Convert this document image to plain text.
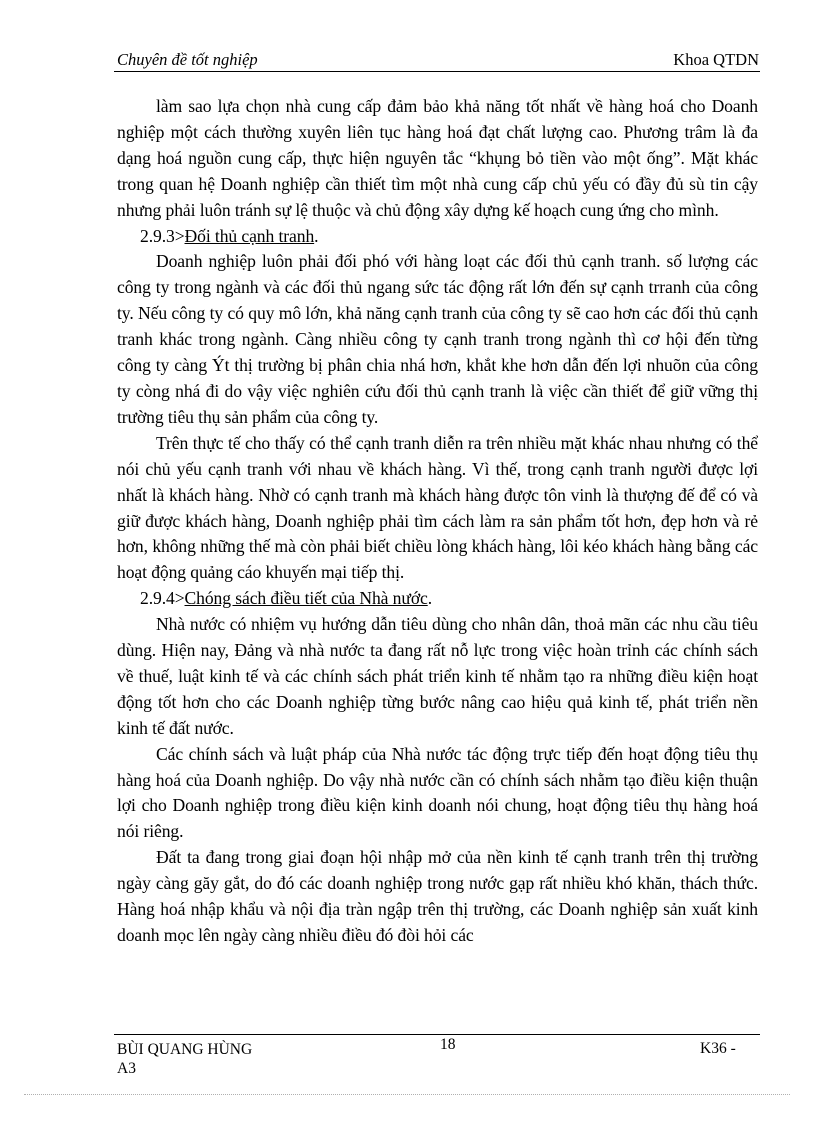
Chuyên đề tốt nghiệp	Khoa QTDN

làm sao lựa chọn nhà cung cấp đảm bảo khả năng tốt nhất về hàng hoá cho Doanh nghiệp một cách thường xuyên liên tục hàng hoá đạt chất lượng cao. Phương trâm là đa dạng hoá nguồn cung cấp, thực hiện nguyên tắc “khụng bỏ tiền vào một ống”. Mặt khác trong quan hệ Doanh nghiệp cần thiết tìm một nhà cung cấp chủ yếu có đầy đủ sù tin cậy nhưng phải luôn tránh sự lệ thuộc và chủ động xây dựng kế hoạch cung ứng cho mình.

2.9.3>Đối thủ cạnh tranh.

Doanh nghiệp luôn phải đối phó với hàng loạt các đối thủ cạnh tranh. số lượng các công ty trong ngành và các đối thủ ngang sức tác động rất lớn đến sự cạnh trranh của công ty. Nếu công ty có quy mô lớn, khả năng cạnh tranh của công ty sẽ cao hơn các đối thủ cạnh tranh khác trong ngành. Càng nhiều công ty cạnh tranh trong ngành thì cơ hội đến từng công ty càng Ýt thị trường bị phân chia nhá hơn, khắt khe hơn dẫn đến lợi nhuõn của công ty còng nhá đi do vậy việc nghiên cứu đối thủ cạnh tranh là việc cần thiết để giữ vững thị trường tiêu thụ sản phẩm của công ty.

Trên thực tế cho thấy có thể cạnh tranh diễn ra trên nhiều mặt khác nhau nhưng có thể nói chủ yếu cạnh tranh với nhau về khách hàng. Vì thế, trong cạnh tranh người được lợi nhất là khách hàng. Nhờ có cạnh tranh mà khách hàng được tôn vinh là thượng đế để có và giữ được khách hàng, Doanh nghiệp phải tìm cách làm ra sản phẩm tốt hơn, đẹp hơn và rẻ hơn, không những thế mà còn phải biết chiều lòng khách hàng, lôi kéo khách hàng bằng các hoạt động quảng cáo khuyến mại tiếp thị.

2.9.4>Chóng sách điều tiết của Nhà nước.

Nhà nước có nhiệm vụ hướng dẫn tiêu dùng cho nhân dân, thoả mãn các nhu cầu tiêu dùng. Hiện nay, Đảng và nhà nước ta đang rất nỗ lực trong việc hoàn trỉnh các chính sách về thuế, luật kinh tế và các chính sách phát triển kinh tế nhằm tạo ra những điều kiện hoạt động tốt hơn cho các Doanh nghiệp từng bước nâng cao hiệu quả kinh tế, phát triển nền kinh tế đất nước.

Các chính sách và luật pháp của Nhà nước tác động trực tiếp đến hoạt động tiêu thụ hàng hoá của Doanh nghiệp. Do vậy nhà nước cần có chính sách nhằm tạo điều kiện thuận lợi cho Doanh nghiệp trong điều kiện kinh doanh nói chung, hoạt động tiêu thụ hàng hoá nói riêng.

Đất ta đang trong giai đoạn hội nhập mở của nền kinh tế cạnh tranh trên thị trường ngày càng găy gắt, do đó các doanh nghiệp trong nước gạp rất nhiều khó khăn, thách thức. Hàng hoá nhập khẩu và nội địa tràn ngập trên thị trường, các Doanh nghiệp sản xuất kinh doanh mọc lên ngày càng nhiều điều đó đòi hỏi các

BÙI QUANG HÙNG
A3
18	K36 -
